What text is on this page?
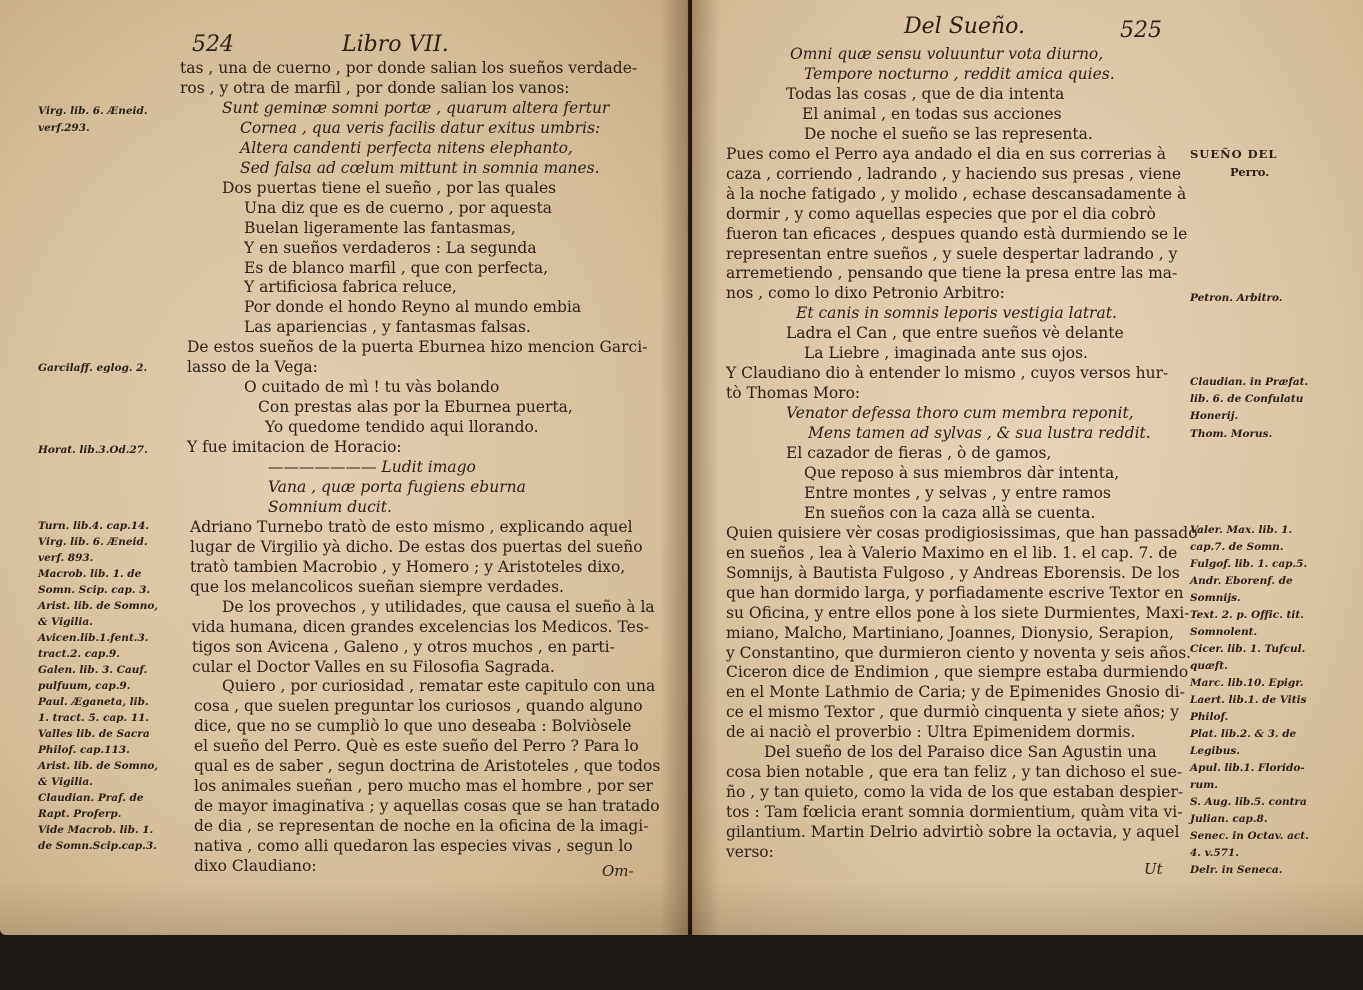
524	Libro VII.
tas , una de cuerno , por donde salian los sueños verdade-
ros , y otra de marfil , por donde salian los vanos:
Sunt geminæ somni portæ , quarum altera fertur
Cornea , qua veris facilis datur exitus umbris:
Altera candenti perfecta nitens elephanto,
Sed falsa ad cœlum mittunt in somnia manes.
Dos puertas tiene el sueño , por las quales
Una diz que es de cuerno , por aquesta
Buelan ligeramente las fantasmas,
Y en sueños verdaderos : La segunda
Es de blanco marfil , que con perfecta,
Y artificiosa fabrica reluce,
Por donde el hondo Reyno al mundo embia
Las apariencias , y fantasmas falsas.
De estos sueños de la puerta Eburnea hizo mencion Garci-
lasso de la Vega:
O cuitado de mì ! tu vàs bolando
Con prestas alas por la Eburnea puerta,
Yo quedome tendido aqui llorando.
Y fue imitacion de Horacio:
——————— Ludit imago
Vana , quæ porta fugiens eburna
Somnium ducit.
Adriano Turnebo tratò de esto mismo , explicando aquel
lugar de Virgilio yà dicho. De estas dos puertas del sueño
tratò tambien Macrobio , y Homero ; y Aristoteles dixo,
que los melancolicos sueñan siempre verdades.
De los provechos , y utilidades, que causa el sueño à la
vida humana, dicen grandes excelencias los Medicos. Tes-
tigos son Avicena , Galeno , y otros muchos , en parti-
cular el Doctor Valles en su Filosofia Sagrada.
Quiero , por curiosidad , rematar este capitulo con una
cosa , que suelen preguntar los curiosos , quando alguno
dice, que no se cumpliò lo que uno deseaba : Bolviòsele
el sueño del Perro. Què es este sueño del Perro ? Para lo
qual es de saber , segun doctrina de Aristoteles , que todos
los animales sueñan , pero mucho mas el hombre , por ser
de mayor imaginativa ; y aquellas cosas que se han tratado
de dia , se representan de noche en la oficina de la imagi-
nativa , como alli quedaron las especies vivas , segun lo
dixo Claudiano:
Virg. lib. 6. Æneid.
verf.293.
Garcilaff. eglog. 2.
Horat. lib.3.Od.27.
Turn. lib.4. cap.14.
Virg. lib. 6. Æneid.
verf. 893.
Macrob. lib. 1. de
Somn. Scip. cap. 3.
Arist. lib. de Somno,
& Vigilia.
Avicen.lib.1.fent.3.
tract.2. cap.9.
Galen. lib. 3. Cauf.
pulfuum, cap.9.
Paul. Æganeta, lib.
1. tract. 5. cap. 11.
Valles lib. de Sacra
Philof. cap.113.
Arist. lib. de Somno,
& Vigilia.
Claudian. Praf. de
Rapt. Proferp.
Vide Macrob. lib. 1.
de Somn.Scip.cap.3.
Om-
Del Sueño.	525
Omni quæ sensu voluuntur vota diurno,
Tempore nocturno , reddit amica quies.
Todas las cosas , que de dia intenta
El animal , en todas sus acciones
De noche el sueño se las representa.
Pues como el Perro aya andado el dia en sus correrias à
caza , corriendo , ladrando , y haciendo sus presas , viene
à la noche fatigado , y molido , echase descansadamente à
dormir , y como aquellas especies que por el dia cobrò
fueron tan eficaces , despues quando està durmiendo se le
representan entre sueños , y suele despertar ladrando , y
arremetiendo , pensando que tiene la presa entre las ma-
nos , como lo dixo Petronio Arbitro:
Et canis in somnis leporis vestigia latrat.
Ladra el Can , que entre sueños vè delante
La Liebre , imaginada ante sus ojos.
Y Claudiano dio à entender lo mismo , cuyos versos hur-
tò Thomas Moro:
Venator defessa thoro cum membra reponit,
Mens tamen ad sylvas , & sua lustra reddit.
El cazador de fieras , ò de gamos,
Que reposo à sus miembros dàr intenta,
Entre montes , y selvas , y entre ramos
En sueños con la caza allà se cuenta.
Quien quisiere vèr cosas prodigiosissimas, que han passado
en sueños , lea à Valerio Maximo en el lib. 1. el cap. 7. de
Somnijs, à Bautista Fulgoso , y Andreas Eborensis. De los
que han dormido larga, y porfiadamente escrive Textor en
su Oficina, y entre ellos pone à los siete Durmientes, Maxi-
miano, Malcho, Martiniano, Joannes, Dionysio, Serapion,
y Constantino, que durmieron ciento y noventa y seis años.
Ciceron dice de Endimion , que siempre estaba durmiendo
en el Monte Lathmio de Caria; y de Epimenides Gnosio di-
ce el mismo Textor , que durmiò cinquenta y siete años; y
de ai naciò el proverbio : Ultra Epimenidem dormis.
Del sueño de los del Paraiso dice San Agustin una
cosa bien notable , que era tan feliz , y tan dichoso el sue-
ño , y tan quieto, como la vida de los que estaban despier-
tos : Tam fœlicia erant somnia dormientium, quàm vita vi-
gilantium. Martin Delrio advirtiò sobre la octavia, y aquel
verso:
SUEÑO DEL
Perro.
Petron. Arbitro.
Claudian. in Præfat.
lib. 6. de Confulatu
Honerij.
Thom. Morus.
Valer. Max. lib. 1.
cap.7. de Somn.
Fulgof. lib. 1. cap.5.
Andr. Eborenf. de
Somnijs.
Text. 2. p. Offic. tit.
Somnolent.
Cicer. lib. 1. Tufcul.
quæft.
Marc. lib.10. Epigr.
Laert. lib.1. de Vitis
Philof.
Plat. lib.2. & 3. de
Legibus.
Apul. lib.1. Florido-
rum.
S. Aug. lib.5. contra
Julian. cap.8.
Senec. in Octav. act.
4. v.571.
Delr. in Seneca.
Ut
